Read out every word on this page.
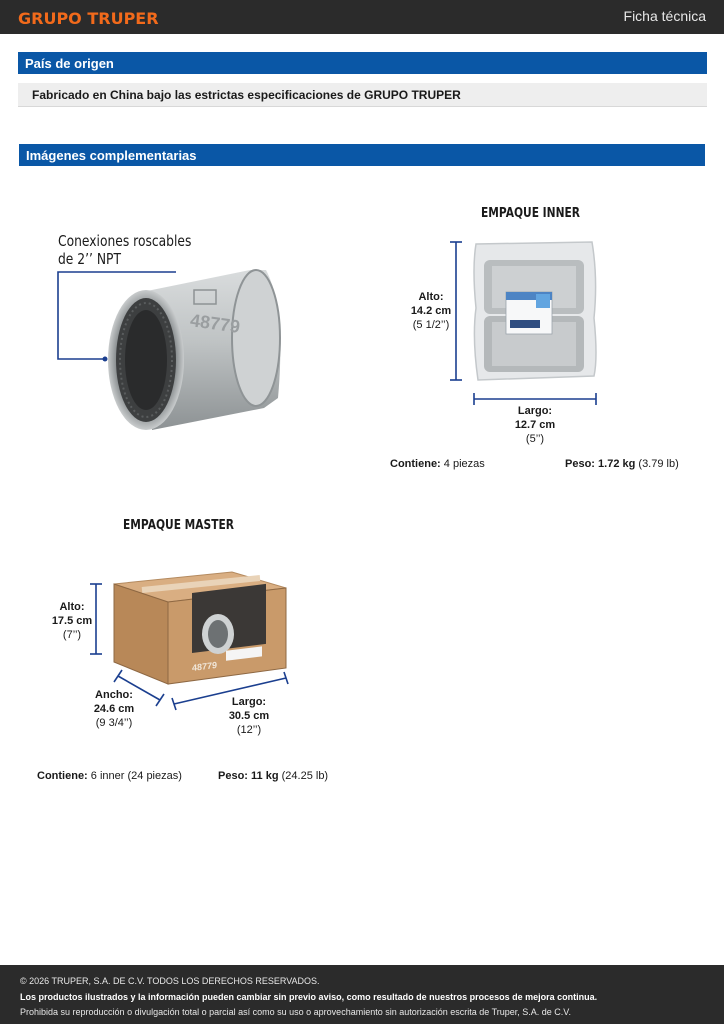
GRUPO TRUPER	Ficha técnica
País de origen
Fabricado en China bajo las estrictas especificaciones de GRUPO TRUPER
Imágenes complementarias
Conexiones roscables
de 2’’ NPT
48779
EMPAQUE INNER
Alto:
14.2 cm
(5 1/2’’)
Largo:
12.7 cm
(5’’)
Contiene: 4 piezas	Peso: 1.72 kg (3.79 lb)
EMPAQUE MASTER
48779
Alto:
17.5 cm
(7’’)
Ancho:
24.6 cm
(9 3/4’’)
Largo:
30.5 cm
(12’’)
Contiene: 6 inner (24 piezas)	Peso: 11 kg (24.25 lb)
© 2026 TRUPER, S.A. DE C.V. TODOS LOS DERECHOS RESERVADOS.
Los productos ilustrados y la información pueden cambiar sin previo aviso, como resultado de nuestros procesos de mejora continua.
Prohibida su reproducción o divulgación total o parcial así como su uso o aprovechamiento sin autorización escrita de Truper, S.A. de C.V.
